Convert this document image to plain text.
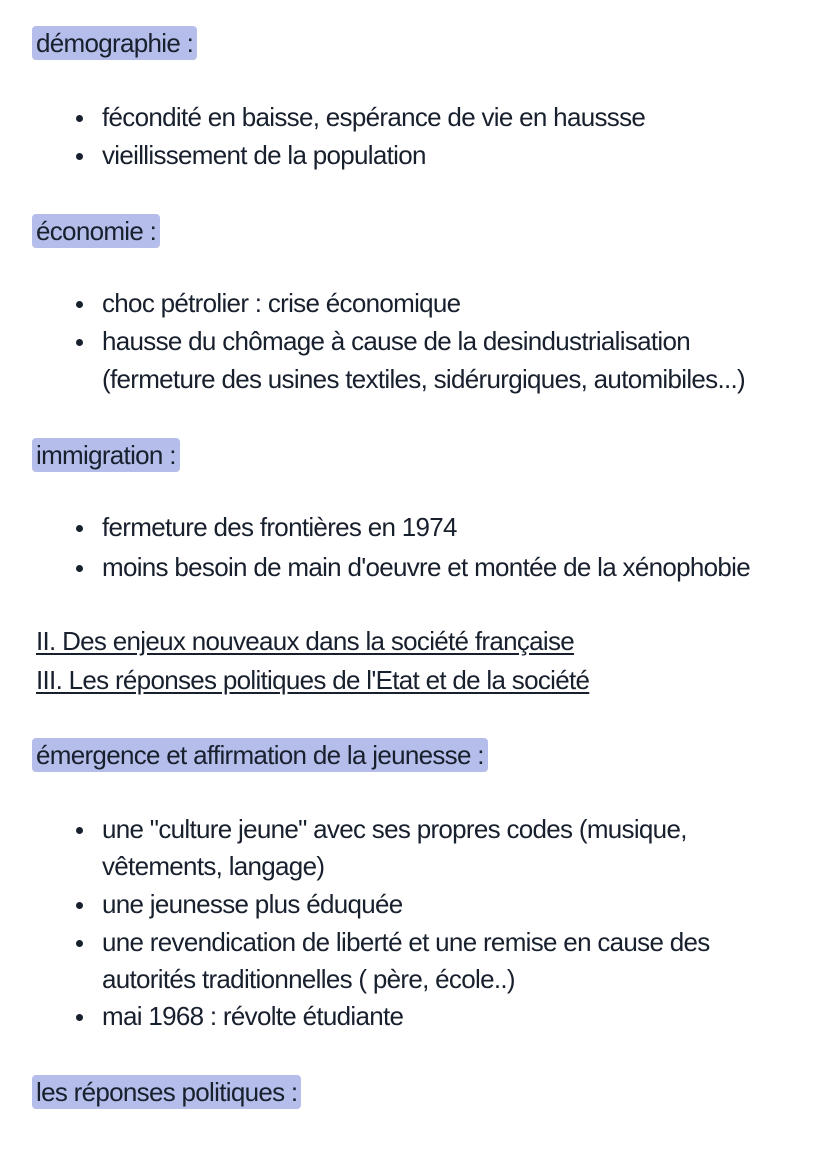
démographie :
fécondité en baisse, espérance de vie en haussse
vieillissement de la population
économie :
choc pétrolier : crise économique
hausse du chômage à cause de la desindustrialisation
(fermeture des usines textiles, sidérurgiques, automibiles...)
immigration :
fermeture des frontières en 1974
moins besoin de main d'oeuvre et montée de la xénophobie
II. Des enjeux nouveaux dans la société française
III. Les réponses politiques de l'Etat et de la société
émergence et affirmation de la jeunesse :
une "culture jeune" avec ses propres codes (musique,
vêtements, langage)
une jeunesse plus éduquée
une revendication de liberté et une remise en cause des
autorités traditionnelles ( père, école..)
mai 1968 : révolte étudiante
les réponses politiques :
